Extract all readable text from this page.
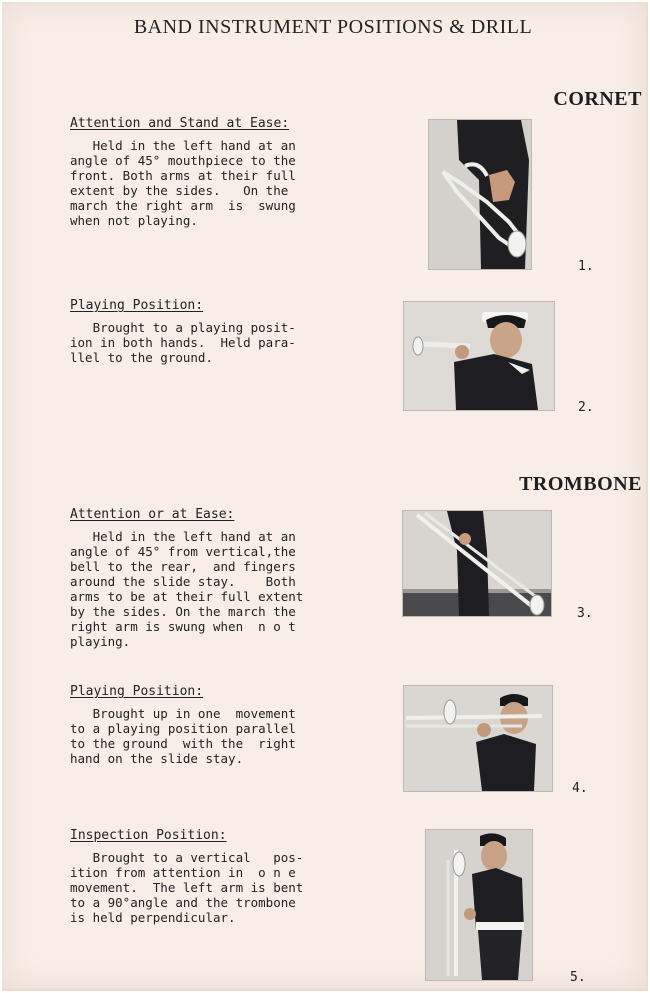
BAND INSTRUMENT POSITIONS & DRILL
CORNET
TROMBONE
Attention and Stand at Ease:
Held in the left hand at an
angle of 45° mouthpiece to the
front. Both arms at their full
extent by the sides.   On the
march the right arm  is  swung
when not playing.
1.
Playing Position:
Brought to a playing posit-
ion in both hands.  Held para-
llel to the ground.
2.
Attention or at Ease:
Held in the left hand at an
angle of 45° from vertical,the
bell to the rear,  and fingers
around the slide stay.    Both
arms to be at their full extent
by the sides. On the march the
right arm is swung when  n o t
playing.
3.
Playing Position:
Brought up in one  movement
to a playing position parallel
to the ground  with the  right
hand on the slide stay.
4.
Inspection Position:
Brought to a vertical   pos-
ition from attention in  o n e
movement.  The left arm is bent
to a 90°angle and the trombone
is held perpendicular.
5.
